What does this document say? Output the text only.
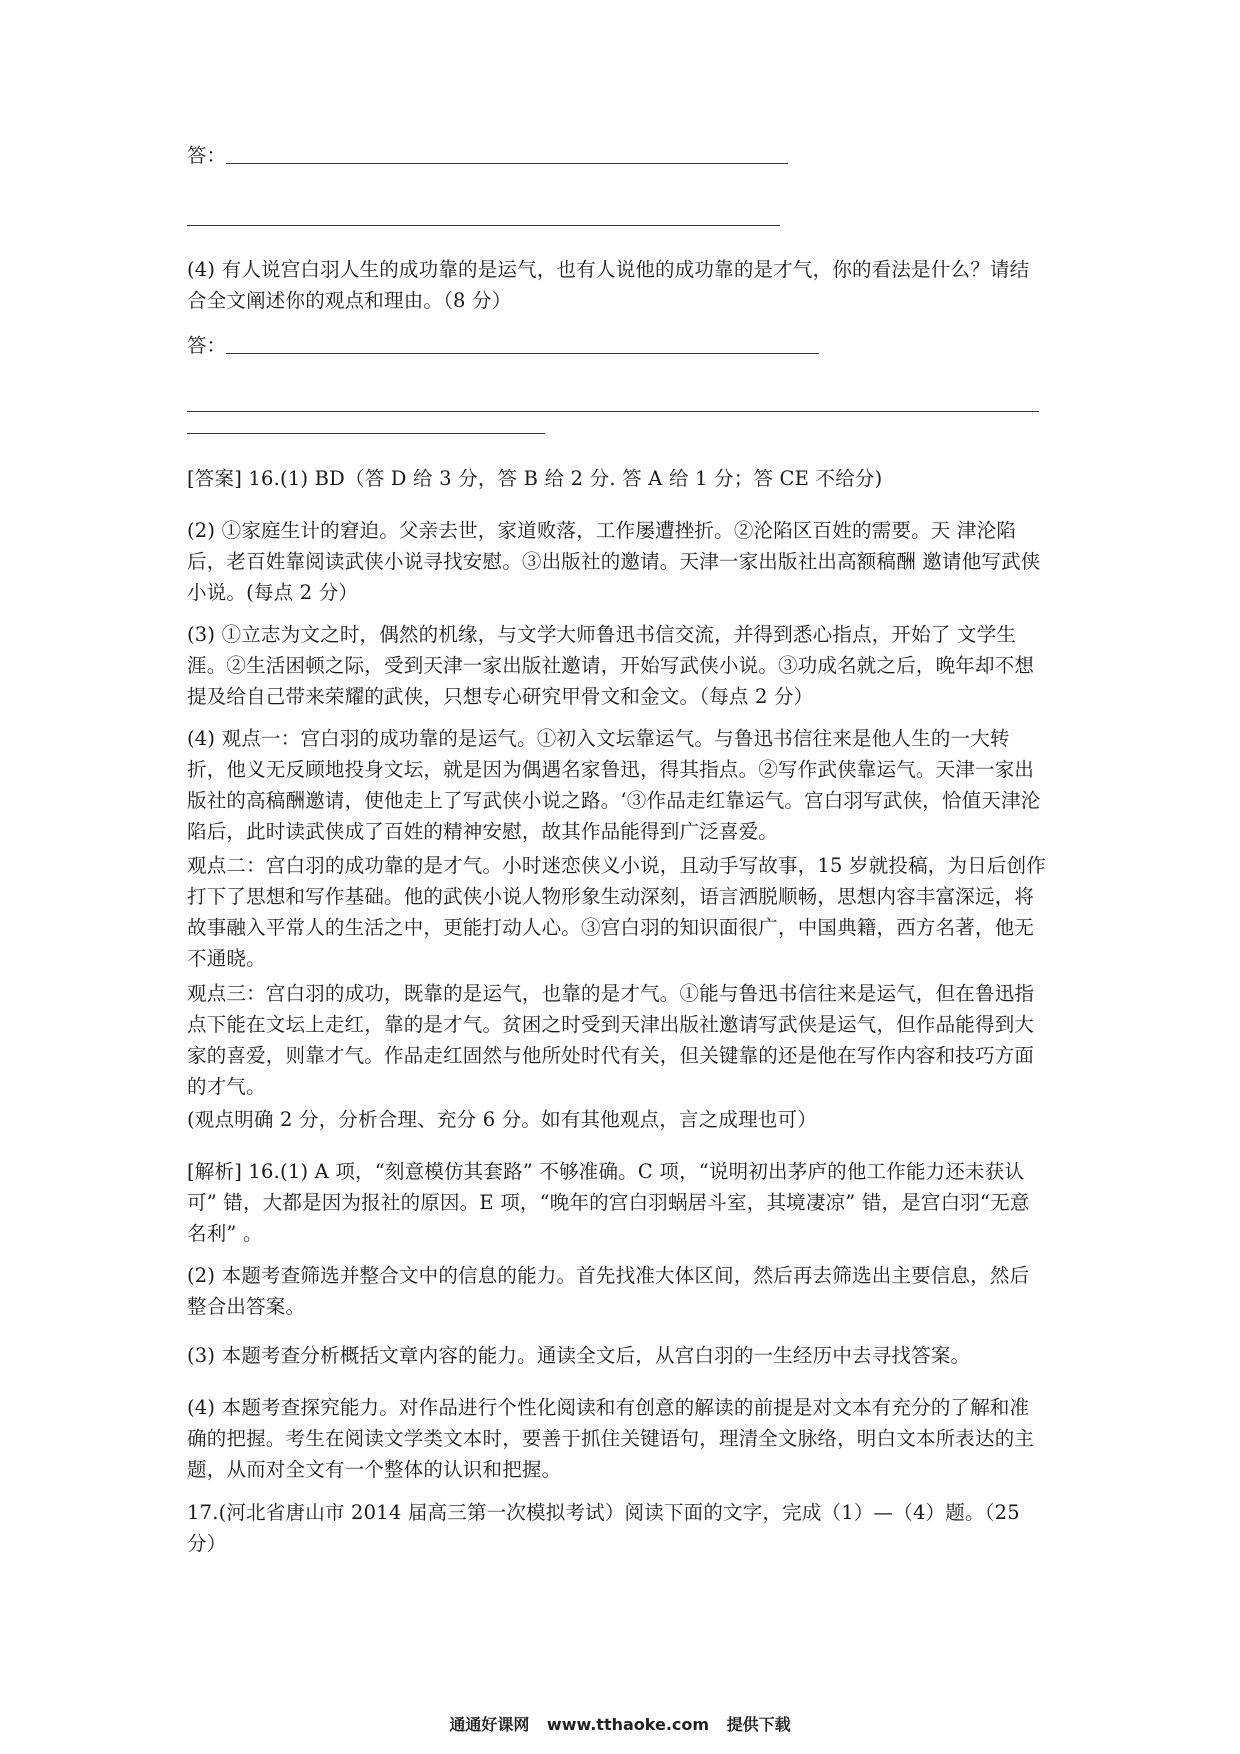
答：

(4) 有人说宫白羽人生的成功靠的是运气，也有人说他的成功靠的是才气，你的看法是什么？请结合全文阐述你的观点和理由。（8 分）

答：

[答案] 16.(1) BD（答 D 给 3 分，答 B 给 2 分. 答 A 给 1 分；答 CE 不给分)

(2) ①家庭生计的窘迫。父亲去世，家道败落，工作屡遭挫折。②沦陷区百姓的需要。天 津沦陷后，老百姓靠阅读武侠小说寻找安慰。③出版社的邀请。天津一家出版社出高额稿酬 邀请他写武侠小说。(每点 2 分）

(3) ①立志为文之时，偶然的机缘，与文学大师鲁迅书信交流，并得到悉心指点，开始了 文学生涯。②生活困顿之际，受到天津一家出版社邀请，开始写武侠小说。③功成名就之后，晚年却不想提及给自己带来荣耀的武侠，只想专心研究甲骨文和金文。（每点 2 分）

(4) 观点一：宫白羽的成功靠的是运气。①初入文坛靠运气。与鲁迅书信往来是他人生的一大转折，他义无反顾地投身文坛，就是因为偶遇名家鲁迅，得其指点。②写作武侠靠运气。天津一家出版社的高稿酬邀请，使他走上了写武侠小说之路。‘③作品走红靠运气。宫白羽写武侠，恰值天津沦陷后，此时读武侠成了百姓的精神安慰，故其作品能得到广泛喜爱。

观点二：宫白羽的成功靠的是才气。小时迷恋侠义小说，且动手写故事，15 岁就投稿，为日后创作打下了思想和写作基础。他的武侠小说人物形象生动深刻，语言洒脱顺畅，思想内容丰富深远，将故事融入平常人的生活之中，更能打动人心。③宫白羽的知识面很广，中国典籍，西方名著，他无不通晓。

观点三：宫白羽的成功，既靠的是运气，也靠的是才气。①能与鲁迅书信往来是运气，但在鲁迅指点下能在文坛上走红，靠的是才气。贫困之时受到天津出版社邀请写武侠是运气，但作品能得到大家的喜爱，则靠才气。作品走红固然与他所处时代有关，但关键靠的还是他在写作内容和技巧方面的才气。

(观点明确 2 分，分析合理、充分 6 分。如有其他观点，言之成理也可）

[解析] 16.(1) A 项，“刻意模仿其套路” 不够准确。C 项，“说明初出茅庐的他工作能力还未获认可” 错，大都是因为报社的原因。E 项，“晚年的宫白羽蜗居斗室，其境凄凉” 错，是宫白羽“无意名利” 。

(2) 本题考查筛选并整合文中的信息的能力。首先找准大体区间，然后再去筛选出主要信息，然后整合出答案。

(3) 本题考查分析概括文章内容的能力。通读全文后，从宫白羽的一生经历中去寻找答案。

(4) 本题考查探究能力。对作品进行个性化阅读和有创意的解读的前提是对文本有充分的了解和准确的把握。考生在阅读文学类文本时，要善于抓住关键语句，理清全文脉络，明白文本所表达的主题，从而对全文有一个整体的认识和把握。

17.(河北省唐山市 2014 届高三第一次模拟考试）阅读下面的文字，完成（1）—（4）题。（25 分）

通通好课网 www.tthaoke.com 提供下载
